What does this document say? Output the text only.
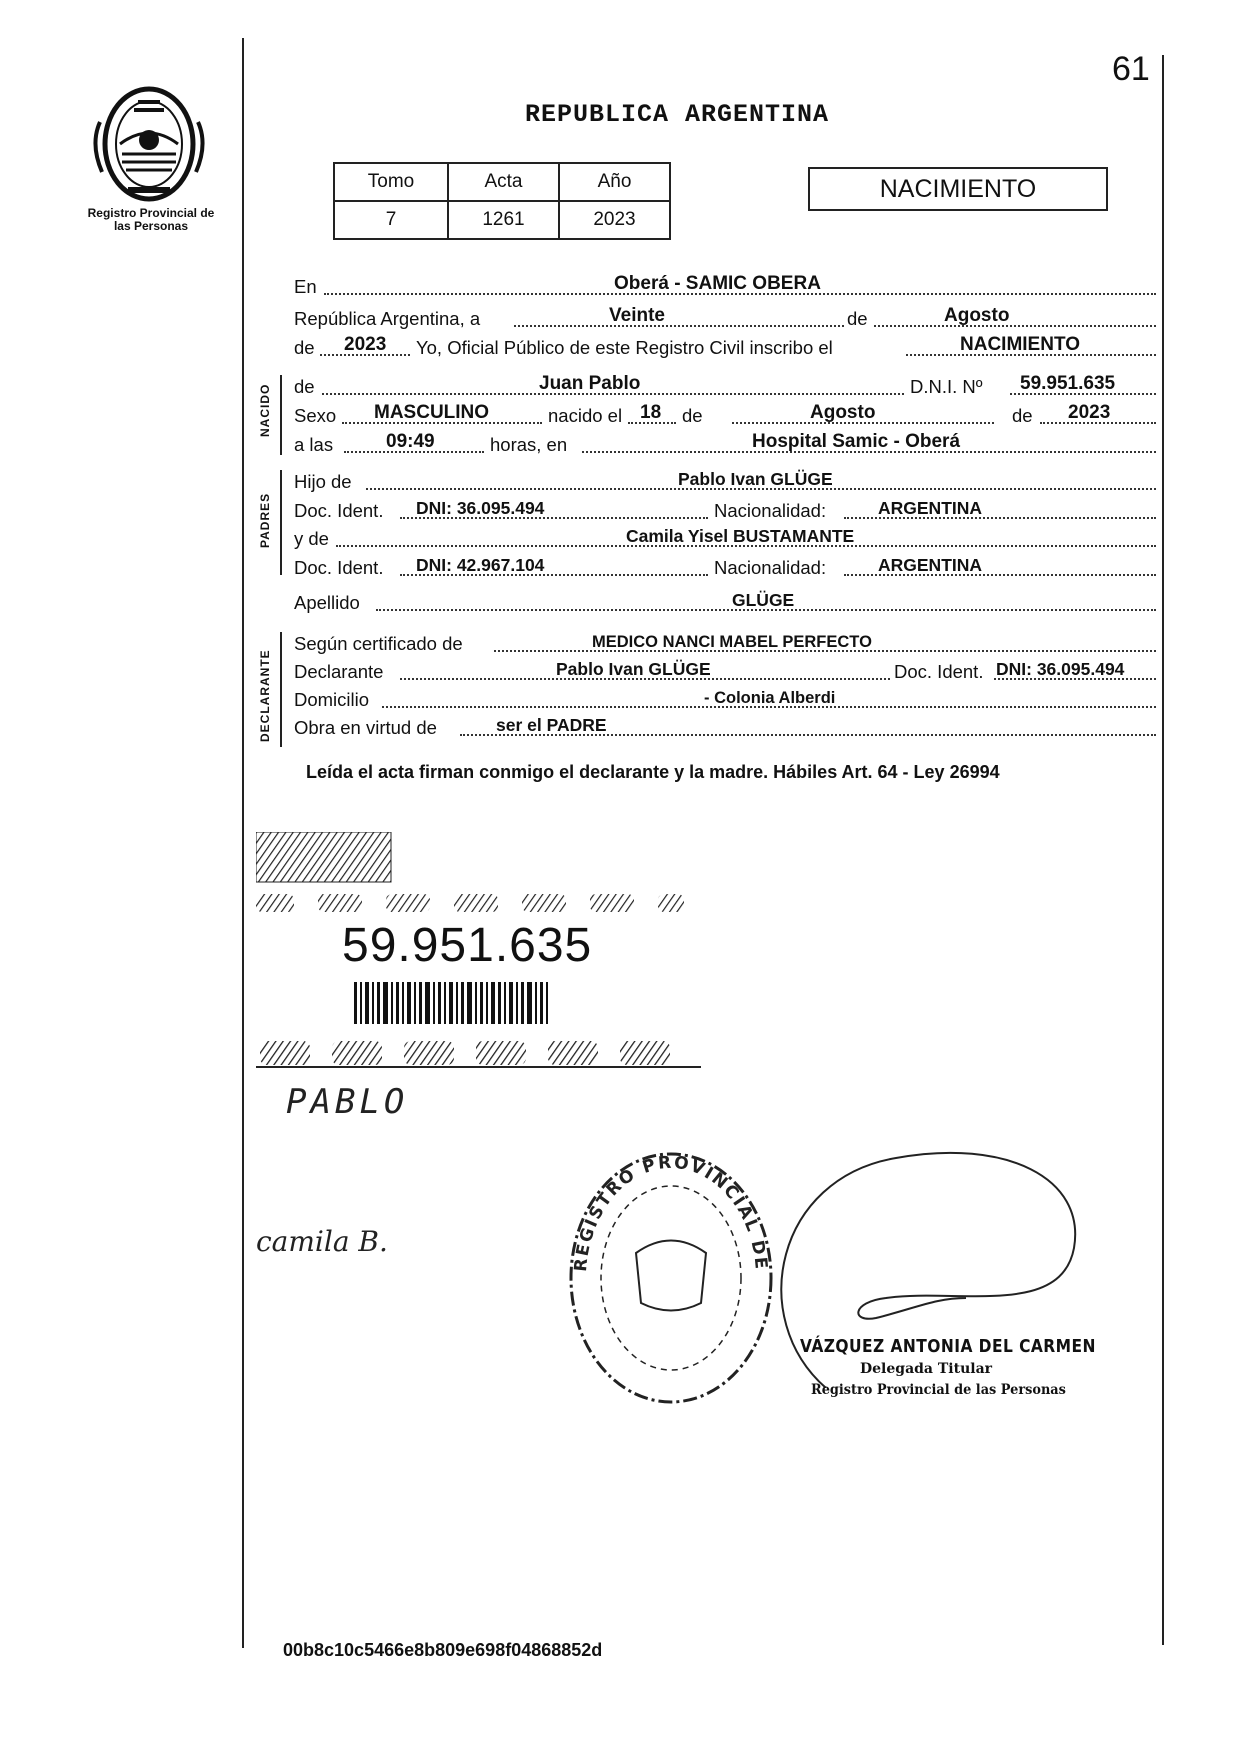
Registro Provincial de las Personas
61
REPUBLICA ARGENTINA
Tomo	Acta	Año
7	1261	2023
NACIMIENTO
En	Oberá - SAMIC OBERA
República Argentina, a	Veinte	de	Agosto
de 2023 Yo, Oficial Público de este Registro Civil inscribo el	NACIMIENTO
NACIDO de	Juan Pablo	D.N.I. Nº 59.951.635
Sexo MASCULINO	nacido el 18 de	Agosto	de 2023
a las	09:49	horas, en	Hospital Samic - Oberá
PADRES
Hijo de	Pablo Ivan GLÜGE
Doc. Ident. DNI: 36.095.494	Nacionalidad:	ARGENTINA
y de	Camila Yisel BUSTAMANTE
Doc. Ident. DNI: 42.967.104	Nacionalidad:	ARGENTINA
Apellido	GLÜGE
DECLARANTE
Según certificado de	MEDICO NANCI MABEL PERFECTO
Declarante	Pablo Ivan GLÜGE	Doc. Ident. DNI: 36.095.494
Domicilio	- Colonia Alberdi
Obra en virtud de	ser el PADRE
Leída el acta firman conmigo el declarante y la madre. Hábiles Art. 64 - Ley 26994
59.951.635
PABLO
camila B.
REGISTRO PROVINCIAL DE
VÁZQUEZ ANTONIA DEL CARMEN
Delegada Titular
Registro Provincial de las Personas
00b8c10c5466e8b809e698f04868852d
